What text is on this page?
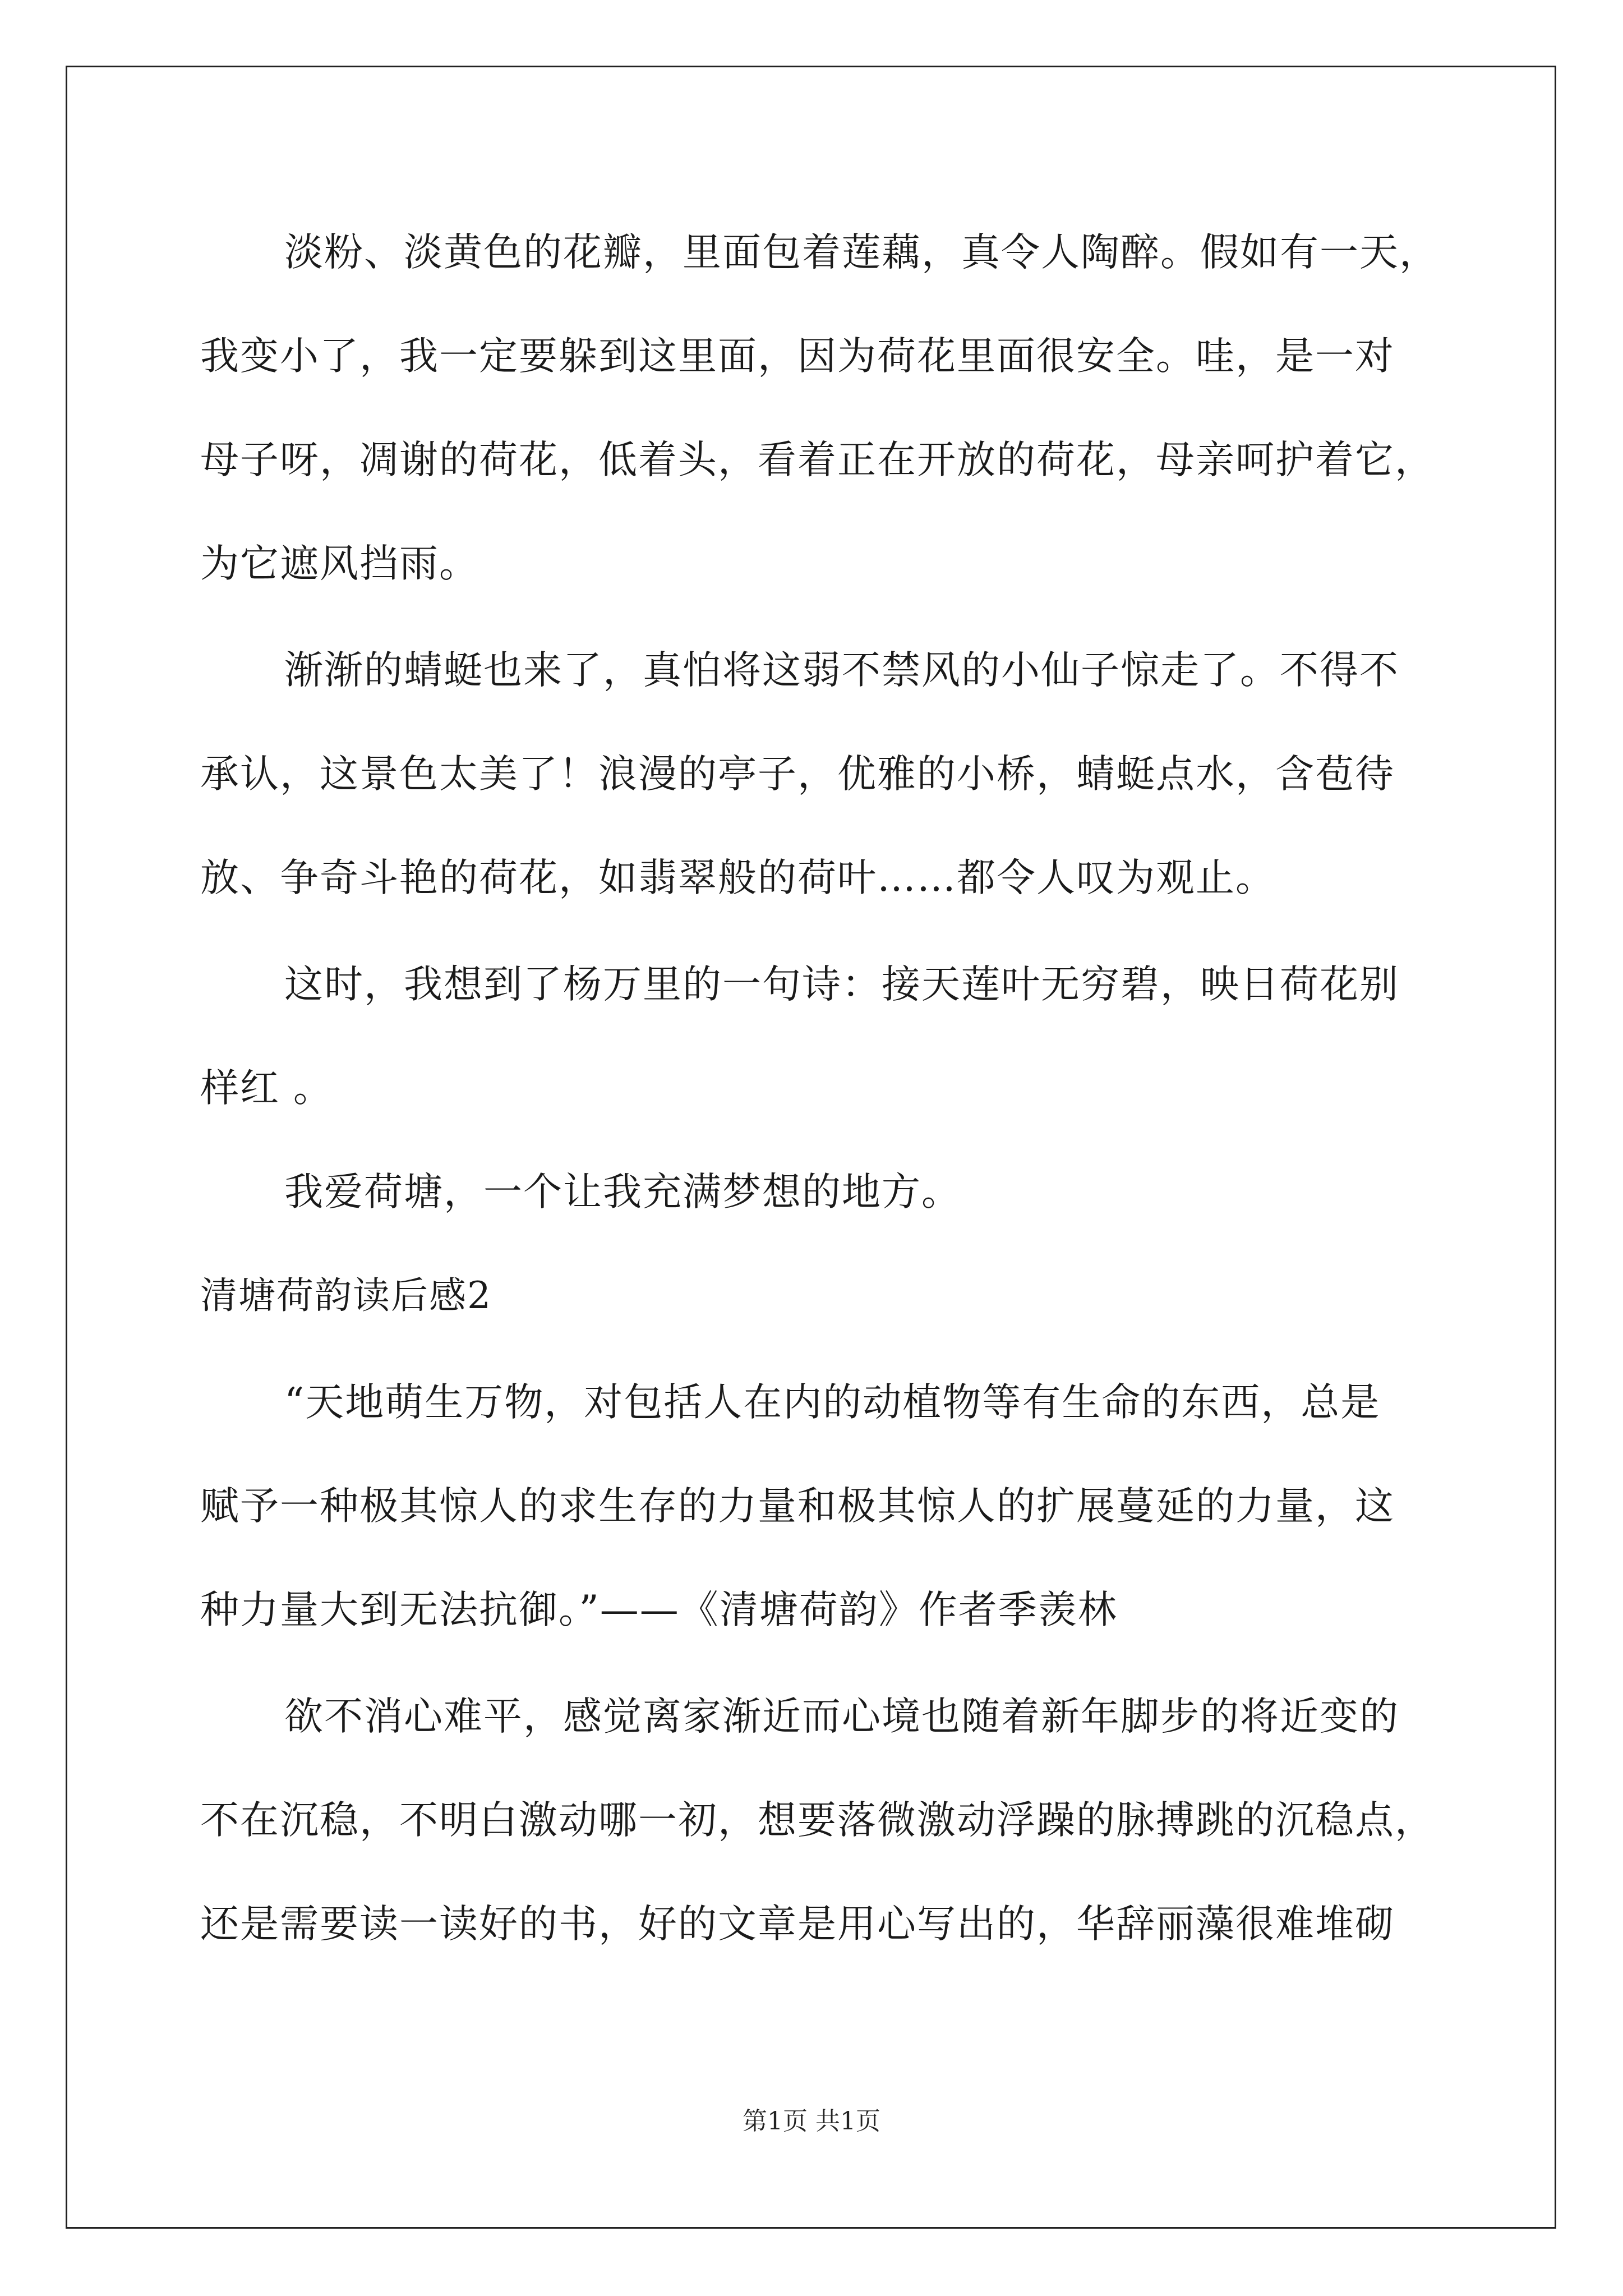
淡粉、淡黄色的花瓣，里面包着莲藕，真令人陶醉。假如有一天，
我变小了，我一定要躲到这里面，因为荷花里面很安全。哇，是一对
母子呀，凋谢的荷花，低着头，看着正在开放的荷花，母亲呵护着它，
为它遮风挡雨。
渐渐的蜻蜓也来了，真怕将这弱不禁风的小仙子惊走了。不得不
承认，这景色太美了！浪漫的亭子，优雅的小桥，蜻蜓点水，含苞待
放、争奇斗艳的荷花，如翡翠般的荷叶……都令人叹为观止。
这时，我想到了杨万里的一句诗：接天莲叶无穷碧，映日荷花别
样红 。
我爱荷塘，一个让我充满梦想的地方。
清塘荷韵读后感2
“天地萌生万物，对包括人在内的动植物等有生命的东西，总是
赋予一种极其惊人的求生存的力量和极其惊人的扩展蔓延的力量，这
种力量大到无法抗御。”——《清塘荷韵》作者季羡林
欲不消心难平，感觉离家渐近而心境也随着新年脚步的将近变的
不在沉稳，不明白激动哪一初，想要落微激动浮躁的脉搏跳的沉稳点，
还是需要读一读好的书，好的文章是用心写出的，华辞丽藻很难堆砌
第1页 共1页
